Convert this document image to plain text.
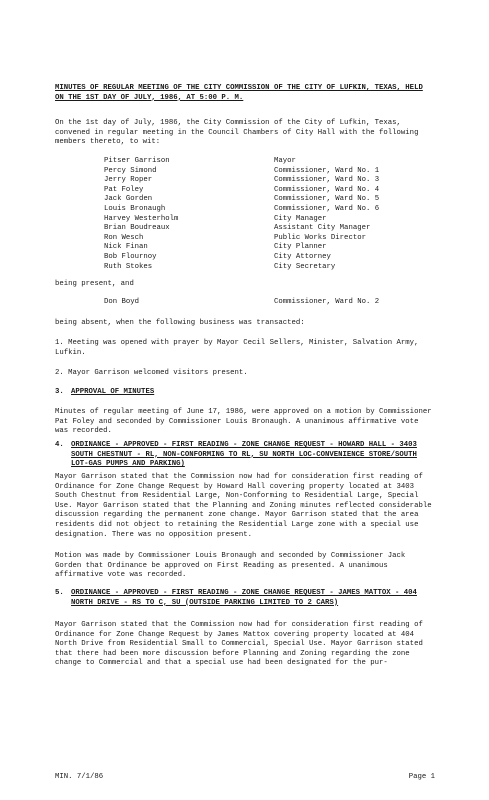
MINUTES OF REGULAR MEETING OF THE CITY COMMISSION OF THE CITY OF LUFKIN, TEXAS, HELD ON THE 1ST DAY OF JULY, 1986, AT 5:00 P. M.
On the 1st day of July, 1986, the City Commission of the City of Lufkin, Texas, convened in regular meeting in the Council Chambers of City Hall with the following members thereto, to wit:
Pitser Garrison	Mayor
Percy Simond	Commissioner, Ward No. 1
Jerry Roper	Commissioner, Ward No. 3
Pat Foley	Commissioner, Ward No. 4
Jack Gorden	Commissioner, Ward No. 5
Louis Bronaugh	Commissioner, Ward No. 6
Harvey Westerholm	City Manager
Brian Boudreaux	Assistant City Manager
Ron Wesch	Public Works Director
Nick Finan	City Planner
Bob Flournoy	City Attorney
Ruth Stokes	City Secretary
being present, and
Don Boyd	Commissioner, Ward No. 2
being absent, when the following business was transacted:
1. Meeting was opened with prayer by Mayor Cecil Sellers, Minister, Salvation Army, Lufkin.
2. Mayor Garrison welcomed visitors present.
3. APPROVAL OF MINUTES
Minutes of regular meeting of June 17, 1986, were approved on a motion by Commissioner Pat Foley and seconded by Commissioner Louis Bronaugh. A unanimous affirmative vote was recorded.
4. ORDINANCE - APPROVED - FIRST READING - ZONE CHANGE REQUEST - HOWARD HALL - 3403 SOUTH CHESTNUT - RL, NON-CONFORMING TO RL, SU NORTH LOC-CONVENIENCE STORE/SOUTH LOT-GAS PUMPS AND PARKING)
Mayor Garrison stated that the Commission now had for consideration first reading of Ordinance for Zone Change Request by Howard Hall covering property located at 3403 South Chestnut from Residential Large, Non-Conforming to Residential Large, Special Use. Mayor Garrison stated that the Planning and Zoning minutes reflected considerable discussion regarding the permanent zone change. Mayor Garrison stated that the area residents did not object to retaining the Residential Large zone with a special use designation. There was no opposition present.
Motion was made by Commissioner Louis Bronaugh and seconded by Commissioner Jack Gorden that Ordinance be approved on First Reading as presented. A unanimous affirmative vote was recorded.
5. ORDINANCE - APPROVED - FIRST READING - ZONE CHANGE REQUEST - JAMES MATTOX - 404 NORTH DRIVE - RS TO C, SU (OUTSIDE PARKING LIMITED TO 2 CARS)
Mayor Garrison stated that the Commission now had for consideration first reading of Ordinance for Zone Change Request by James Mattox covering property located at 404 North Drive from Residential Small to Commercial, Special Use. Mayor Garrison stated that there had been more discussion before Planning and Zoning regarding the zone change to Commercial and that a special use had been designated for the pur-
MIN. 7/1/86	Page 1
